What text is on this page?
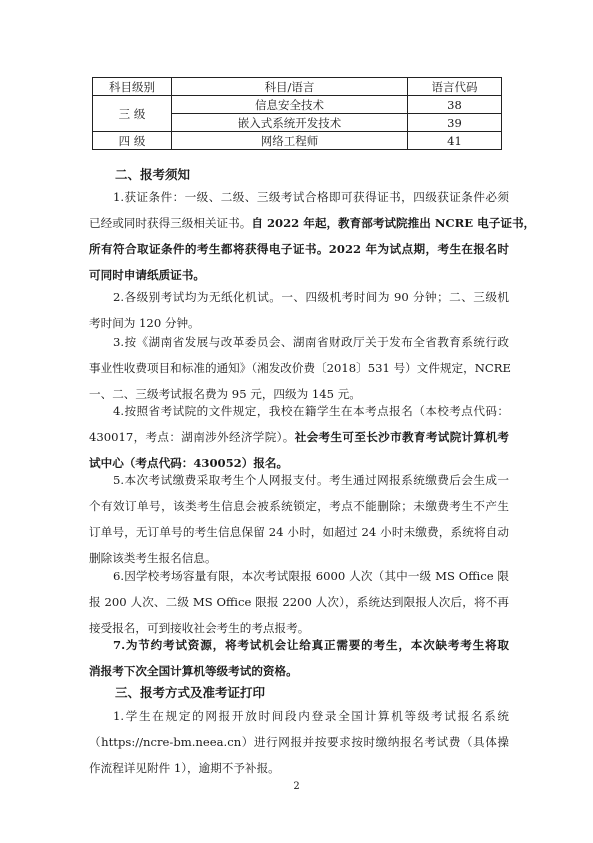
科目级别	科目/语言	语言代码
三 级	信息安全技术	38
	嵌入式系统开发技术	39
四 级	网络工程师	41
二、报考须知
1.获证条件：一级、二级、三级考试合格即可获得证书，四级获证条件必须
已经或同时获得三级相关证书。自 2022 年起，教育部考试院推出 NCRE 电子证书，
所有符合取证条件的考生都将获得电子证书。2022 年为试点期，考生在报名时
可同时申请纸质证书。
2.各级别考试均为无纸化机试。一、四级机考时间为 90 分钟；二、三级机
考时间为 120 分钟。
3.按《湖南省发展与改革委员会、湖南省财政厅关于发布全省教育系统行政
事业性收费项目和标准的通知》（湘发改价费〔2018〕531 号）文件规定，NCRE
一、二、三级考试报名费为 95 元，四级为 145 元。
4.按照省考试院的文件规定，我校在籍学生在本考点报名（本校考点代码：
430017，考点：湖南涉外经济学院）。社会考生可至长沙市教育考试院计算机考
试中心（考点代码：430052）报名。
5.本次考试缴费采取考生个人网报支付。考生通过网报系统缴费后会生成一
个有效订单号，该类考生信息会被系统锁定，考点不能删除；未缴费考生不产生
订单号，无订单号的考生信息保留 24 小时，如超过 24 小时未缴费，系统将自动
删除该类考生报名信息。
6.因学校考场容量有限，本次考试限报 6000 人次（其中一级 MS Office 限
报 200 人次、二级 MS Office 限报 2200 人次），系统达到限报人次后，将不再
接受报名，可到接收社会考生的考点报考。
7.为节约考试资源，将考试机会让给真正需要的考生，本次缺考考生将取
消报考下次全国计算机等级考试的资格。
三、报考方式及准考证打印
1.学生在规定的网报开放时间段内登录全国计算机等级考试报名系统
（https://ncre-bm.neea.cn）进行网报并按要求按时缴纳报名考试费（具体操
作流程详见附件 1），逾期不予补报。
2
